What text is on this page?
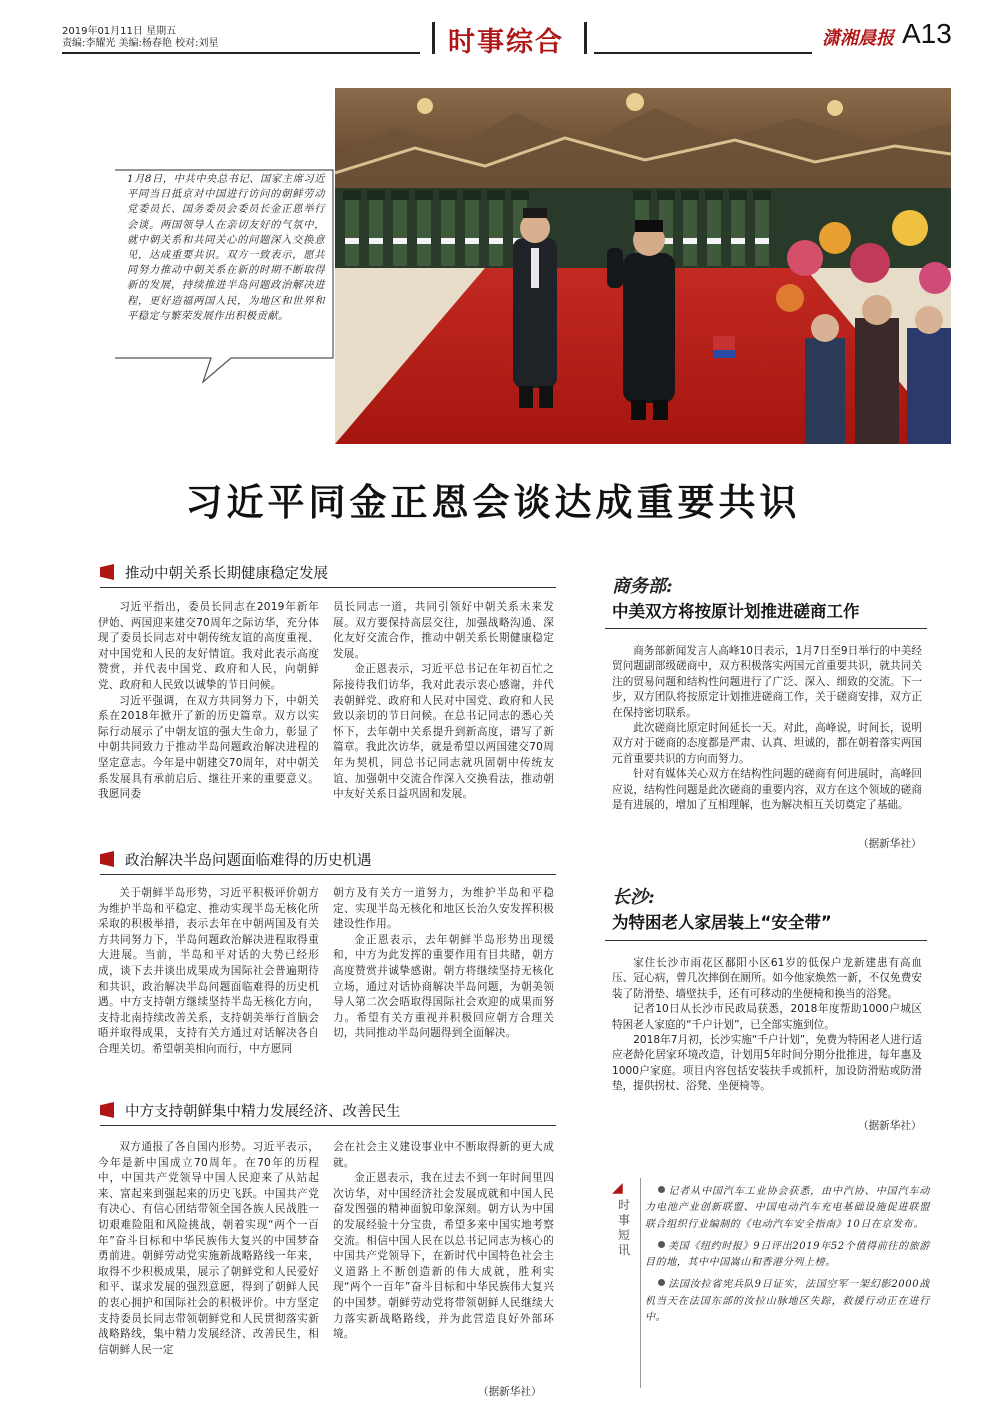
2019年01月11日 星期五
责编:李耀光 美编:杨春艳 校对:刘星	时事综合	潇湘晨报 A13
1月8日，中共中央总书记、国家主席习近平同当日抵京对中国进行访问的朝鲜劳动党委员长、国务委员会委员长金正恩举行会谈。两国领导人在亲切友好的气氛中，就中朝关系和共同关心的问题深入交换意见，达成重要共识。双方一致表示，愿共同努力推动中朝关系在新的时期不断取得新的发展，持续推进半岛问题政治解决进程，更好造福两国人民，为地区和世界和平稳定与繁荣发展作出积极贡献。
习近平同金正恩会谈达成重要共识
推动中朝关系长期健康稳定发展

习近平指出，委员长同志在2019年新年伊始、两国迎来建交70周年之际访华，充分体现了委员长同志对中朝传统友谊的高度重视、对中国党和人民的友好情谊。我对此表示高度赞赏，并代表中国党、政府和人民，向朝鲜党、政府和人民致以诚挚的节日问候。

习近平强调，在双方共同努力下，中朝关系在2018年掀开了新的历史篇章。双方以实际行动展示了中朝友谊的强大生命力，彰显了中朝共同致力于推动半岛问题政治解决进程的坚定意志。今年是中朝建交70周年，对中朝关系发展具有承前启后、继往开来的重要意义。我愿同委

员长同志一道，共同引领好中朝关系未来发展。双方要保持高层交往，加强战略沟通、深化友好交流合作，推动中朝关系长期健康稳定发展。

金正恩表示，习近平总书记在年初百忙之际接待我们访华，我对此表示衷心感谢，并代表朝鲜党、政府和人民对中国党、政府和人民致以亲切的节日问候。在总书记同志的悉心关怀下，去年朝中关系提升到新高度，谱写了新篇章。我此次访华，就是希望以两国建交70周年为契机，同总书记同志就巩固朝中传统友谊、加强朝中交流合作深入交换看法，推动朝中友好关系日益巩固和发展。

政治解决半岛问题面临难得的历史机遇

关于朝鲜半岛形势，习近平积极评价朝方为维护半岛和平稳定、推动实现半岛无核化所采取的积极举措，表示去年在中朝两国及有关方共同努力下，半岛问题政治解决进程取得重大进展。当前，半岛和平对话的大势已经形成，谈下去并谈出成果成为国际社会普遍期待和共识，政治解决半岛问题面临难得的历史机遇。中方支持朝方继续坚持半岛无核化方向，支持北南持续改善关系，支持朝美举行首脑会晤并取得成果，支持有关方通过对话解决各自合理关切。希望朝美相向而行，中方愿同

朝方及有关方一道努力，为维护半岛和平稳定、实现半岛无核化和地区长治久安发挥积极建设性作用。

金正恩表示，去年朝鲜半岛形势出现缓和，中方为此发挥的重要作用有目共睹，朝方高度赞赏并诚挚感谢。朝方将继续坚持无核化立场，通过对话协商解决半岛问题，为朝美领导人第二次会晤取得国际社会欢迎的成果而努力。希望有关方重视并积极回应朝方合理关切，共同推动半岛问题得到全面解决。

中方支持朝鲜集中精力发展经济、改善民生

双方通报了各自国内形势。习近平表示，今年是新中国成立70周年。在70年的历程中，中国共产党领导中国人民迎来了从站起来、富起来到强起来的历史飞跃。中国共产党有决心、有信心团结带领全国各族人民战胜一切艰难险阻和风险挑战，朝着实现“两个一百年”奋斗目标和中华民族伟大复兴的中国梦奋勇前进。朝鲜劳动党实施新战略路线一年来，取得不少积极成果，展示了朝鲜党和人民爱好和平、谋求发展的强烈意愿，得到了朝鲜人民的衷心拥护和国际社会的积极评价。中方坚定支持委员长同志带领朝鲜党和人民贯彻落实新战略路线，集中精力发展经济、改善民生，相信朝鲜人民一定

会在社会主义建设事业中不断取得新的更大成就。

金正恩表示，我在过去不到一年时间里四次访华，对中国经济社会发展成就和中国人民奋发图强的精神面貌印象深刻。朝方认为中国的发展经验十分宝贵，希望多来中国实地考察交流。相信中国人民在以总书记同志为核心的中国共产党领导下，在新时代中国特色社会主义道路上不断创造新的伟大成就，胜利实现“两个一百年”奋斗目标和中华民族伟大复兴的中国梦。朝鲜劳动党将带领朝鲜人民继续大力落实新战略路线，并为此营造良好外部环境。

（据新华社）
商务部:
中美双方将按原计划推进磋商工作

商务部新闻发言人高峰10日表示，1月7日至9日举行的中美经贸问题副部级磋商中，双方积极落实两国元首重要共识，就共同关注的贸易问题和结构性问题进行了广泛、深入、细致的交流。下一步，双方团队将按原定计划推进磋商工作，关于磋商安排，双方正在保持密切联系。

此次磋商比原定时间延长一天。对此，高峰说，时间长，说明双方对于磋商的态度都是严肃、认真、坦诚的，都在朝着落实两国元首重要共识的方向而努力。

针对有媒体关心双方在结构性问题的磋商有何进展时，高峰回应说，结构性问题是此次磋商的重要内容，双方在这个领域的磋商是有进展的，增加了互相理解，也为解决相互关切奠定了基础。

（据新华社）
长沙:
为特困老人家居装上“安全带”

家住长沙市雨花区鄱阳小区61岁的低保户龙新建患有高血压、冠心病，曾几次摔倒在厕所。如今他家焕然一新，不仅免费安装了防滑垫、墙壁扶手，还有可移动的坐便椅和换当的浴凳。

记者10日从长沙市民政局获悉，2018年度帮助1000户城区特困老人家庭的“千户计划”，已全部实施到位。

2018年7月初，长沙实施“千户计划”，免费为特困老人进行适应老龄化居家环境改造，计划用5年时间分期分批推进，每年惠及1000户家庭。项目内容包括安装扶手或抓杆，加设防滑贴或防滑垫，提供拐杖、浴凳、坐便椅等。

（据新华社）
◢
时
事
短
讯

记者从中国汽车工业协会获悉，由中汽协、中国汽车动力电池产业创新联盟、中国电动汽车充电基础设施促进联盟联合组织行业编制的《电动汽车安全指南》10日在京发布。

美国《纽约时报》9日评出2019年52个值得前往的旅游目的地，其中中国嵩山和香港分列上榜。

法国汝拉省宪兵队9日证实，法国空军一架幻影2000战机当天在法国东部的汝拉山脉地区失踪，救援行动正在进行中。
